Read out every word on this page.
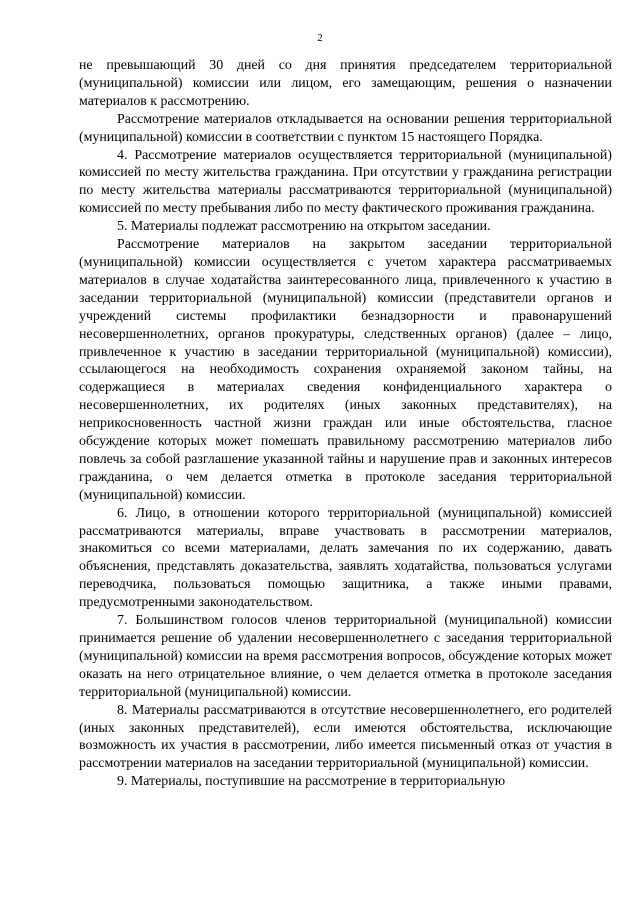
2

не превышающий 30 дней со дня принятия председателем территориальной (муниципальной) комиссии или лицом, его замещающим, решения о назначении материалов к рассмотрению.

Рассмотрение материалов откладывается на основании решения территориальной (муниципальной) комиссии в соответствии с пунктом 15 настоящего Порядка.

4. Рассмотрение материалов осуществляется территориальной (муниципальной) комиссией по месту жительства гражданина. При отсутствии у гражданина регистрации по месту жительства материалы рассматриваются территориальной (муниципальной) комиссией по месту пребывания либо по месту фактического проживания гражданина.

5. Материалы подлежат рассмотрению на открытом заседании.

Рассмотрение материалов на закрытом заседании территориальной (муниципальной) комиссии осуществляется с учетом характера рассматриваемых материалов в случае ходатайства заинтересованного лица, привлеченного к участию в заседании территориальной (муниципальной) комиссии (представители органов и учреждений системы профилактики безнадзорности и правонарушений несовершеннолетних, органов прокуратуры, следственных органов) (далее – лицо, привлеченное к участию в заседании территориальной (муниципальной) комиссии), ссылающегося на необходимость сохранения охраняемой законом тайны, на содержащиеся в материалах сведения конфиденциального характера о несовершеннолетних, их родителях (иных законных представителях), на неприкосновенность частной жизни граждан или иные обстоятельства, гласное обсуждение которых может помешать правильному рассмотрению материалов либо повлечь за собой разглашение указанной тайны и нарушение прав и законных интересов гражданина, о чем делается отметка в протоколе заседания территориальной (муниципальной) комиссии.

6. Лицо, в отношении которого территориальной (муниципальной) комиссией рассматриваются материалы, вправе участвовать в рассмотрении материалов, знакомиться со всеми материалами, делать замечания по их содержанию, давать объяснения, представлять доказательства, заявлять ходатайства, пользоваться услугами переводчика, пользоваться помощью защитника, а также иными правами, предусмотренными законодательством.

7. Большинством голосов членов территориальной (муниципальной) комиссии принимается решение об удалении несовершеннолетнего с заседания территориальной (муниципальной) комиссии на время рассмотрения вопросов, обсуждение которых может оказать на него отрицательное влияние, о чем делается отметка в протоколе заседания территориальной (муниципальной) комиссии.

8. Материалы рассматриваются в отсутствие несовершеннолетнего, его родителей (иных законных представителей), если имеются обстоятельства, исключающие возможность их участия в рассмотрении, либо имеется письменный отказ от участия в рассмотрении материалов на заседании территориальной (муниципальной) комиссии.

9. Материалы, поступившие на рассмотрение в территориальную
